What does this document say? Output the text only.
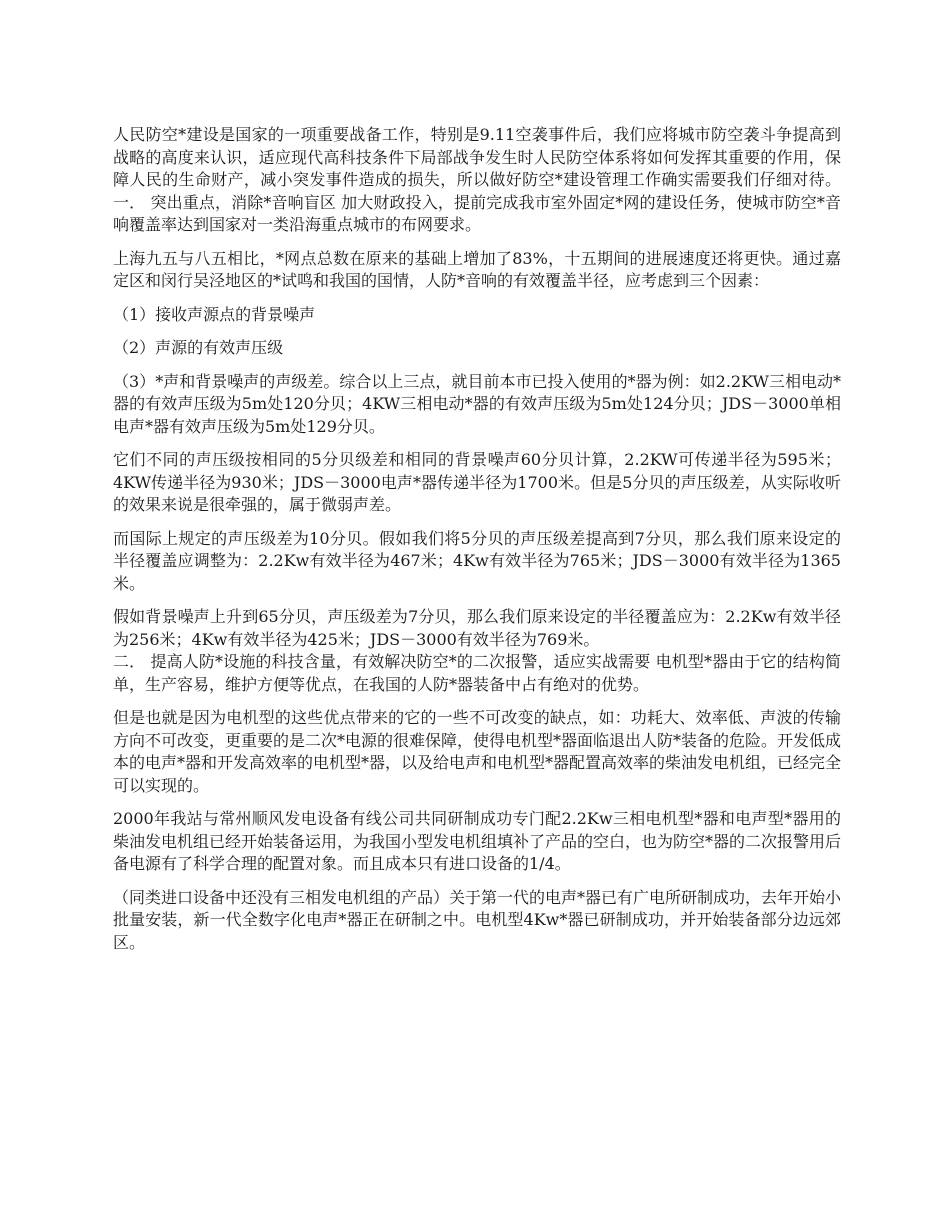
人民防空*建设是国家的一项重要战备工作，特别是9.11空袭事件后，我们应将城市防空袭斗争提高到战略的高度来认识，适应现代高科技条件下局部战争发生时人民防空体系将如何发挥其重要的作用，保障人民的生命财产，减小突发事件造成的损失，所以做好防空*建设管理工作确实需要我们仔细对待。 一． 突出重点，消除*音响盲区 加大财政投入，提前完成我市室外固定*网的建设任务，使城市防空*音响覆盖率达到国家对一类沿海重点城市的布网要求。

上海九五与八五相比，*网点总数在原来的基础上增加了83%，十五期间的进展速度还将更快。通过嘉定区和闵行吴泾地区的*试鸣和我国的国情，人防*音响的有效覆盖半径，应考虑到三个因素：

（1）接收声源点的背景噪声

（2）声源的有效声压级

（3）*声和背景噪声的声级差。综合以上三点，就目前本市已投入使用的*器为例：如2.2KW三相电动*器的有效声压级为5m处120分贝；4KW三相电动*器的有效声压级为5m处124分贝；JDS－3000单相电声*器有效声压级为5m处129分贝。

它们不同的声压级按相同的5分贝级差和相同的背景噪声60分贝计算，2.2KW可传递半径为595米；4KW传递半径为930米；JDS－3000电声*器传递半径为1700米。但是5分贝的声压级差，从实际收听的效果来说是很牵强的，属于微弱声差。

而国际上规定的声压级差为10分贝。假如我们将5分贝的声压级差提高到7分贝，那么我们原来设定的半径覆盖应调整为：2.2Kw有效半径为467米；4Kw有效半径为765米；JDS－3000有效半径为1365米。

假如背景噪声上升到65分贝，声压级差为7分贝，那么我们原来设定的半径覆盖应为：2.2Kw有效半径为256米；4Kw有效半径为425米；JDS－3000有效半径为769米。
二． 提高人防*设施的科技含量，有效解决防空*的二次报警，适应实战需要 电机型*器由于它的结构简单，生产容易，维护方便等优点，在我国的人防*器装备中占有绝对的优势。

但是也就是因为电机型的这些优点带来的它的一些不可改变的缺点，如：功耗大、效率低、声波的传输方向不可改变，更重要的是二次*电源的很难保障，使得电机型*器面临退出人防*装备的危险。开发低成本的电声*器和开发高效率的电机型*器，以及给电声和电机型*器配置高效率的柴油发电机组，已经完全可以实现的。

2000年我站与常州顺风发电设备有线公司共同研制成功专门配2.2Kw三相电机型*器和电声型*器用的柴油发电机组已经开始装备运用，为我国小型发电机组填补了产品的空白，也为防空*器的二次报警用后备电源有了科学合理的配置对象。而且成本只有进口设备的1/4。

（同类进口设备中还没有三相发电机组的产品）关于第一代的电声*器已有广电所研制成功，去年开始小批量安装，新一代全数字化电声*器正在研制之中。电机型4Kw*器已研制成功，并开始装备部分边远郊区。
